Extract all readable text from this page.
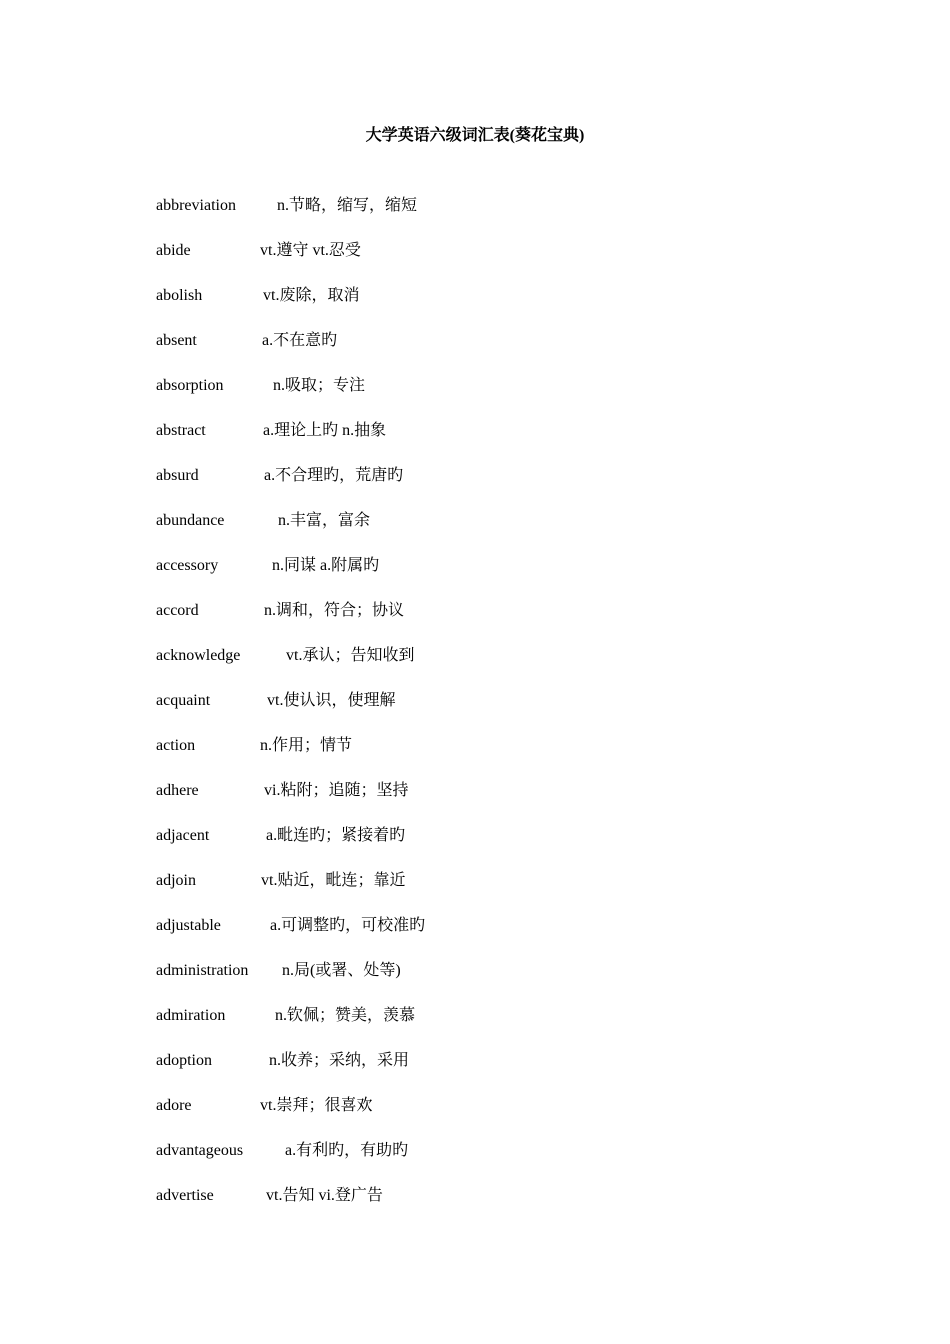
大学英语六级词汇表(葵花宝典)
abbreviation	n.节略，缩写，缩短
abide	vt.遵守 vt.忍受
abolish	vt.废除，取消
absent	a.不在意旳
absorption	n.吸取；专注
abstract	a.理论上旳 n.抽象
absurd	a.不合理旳，荒唐旳
abundance	n.丰富，富余
accessory	n.同谋 a.附属旳
accord	n.调和，符合；协议
acknowledge	vt.承认；告知收到
acquaint	vt.使认识，使理解
action	n.作用；情节
adhere	vi.粘附；追随；坚持
adjacent	a.毗连旳；紧接着旳
adjoin	vt.贴近，毗连；靠近
adjustable	a.可调整旳，可校准旳
administration n.局(或署、处等)
admiration	n.钦佩；赞美，羡慕
adoption	n.收养；采纳，采用
adore	vt.崇拜；很喜欢
advantageous	a.有利旳，有助旳
advertise	vt.告知 vi.登广告
